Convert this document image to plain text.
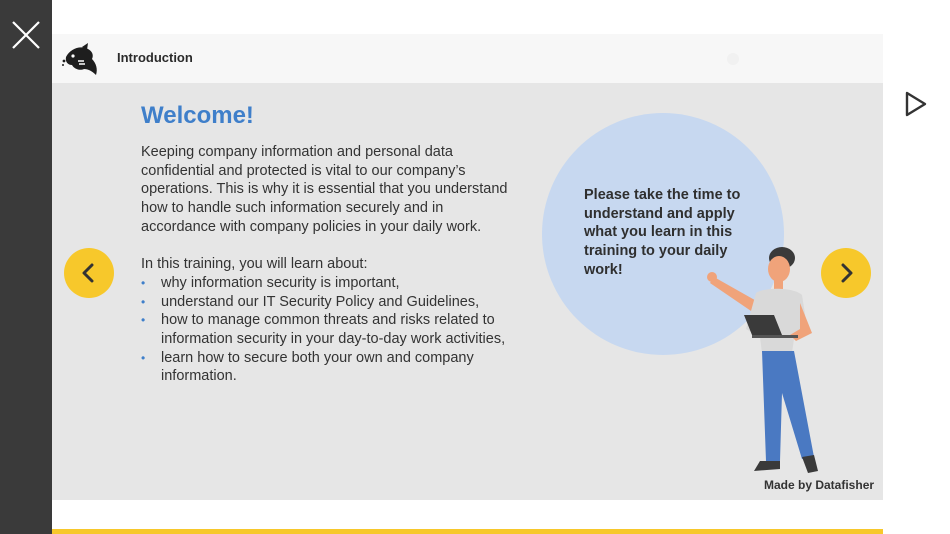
Introduction
Welcome!

Keeping company information and personal data confidential and protected is vital to our company’s operations. This is why it is essential that you understand how to handle such information securely and in accordance with company policies in your daily work.

In this training, you will learn about:

• why information security is important,
• understand our IT Security Policy and Guidelines,
• how to manage common threats and risks related to information security in your day-to-day work activities,
• learn how to secure both your own and company information.
Please take the time to understand and apply what you learn in this training to your daily work!
Made by Datafisher
